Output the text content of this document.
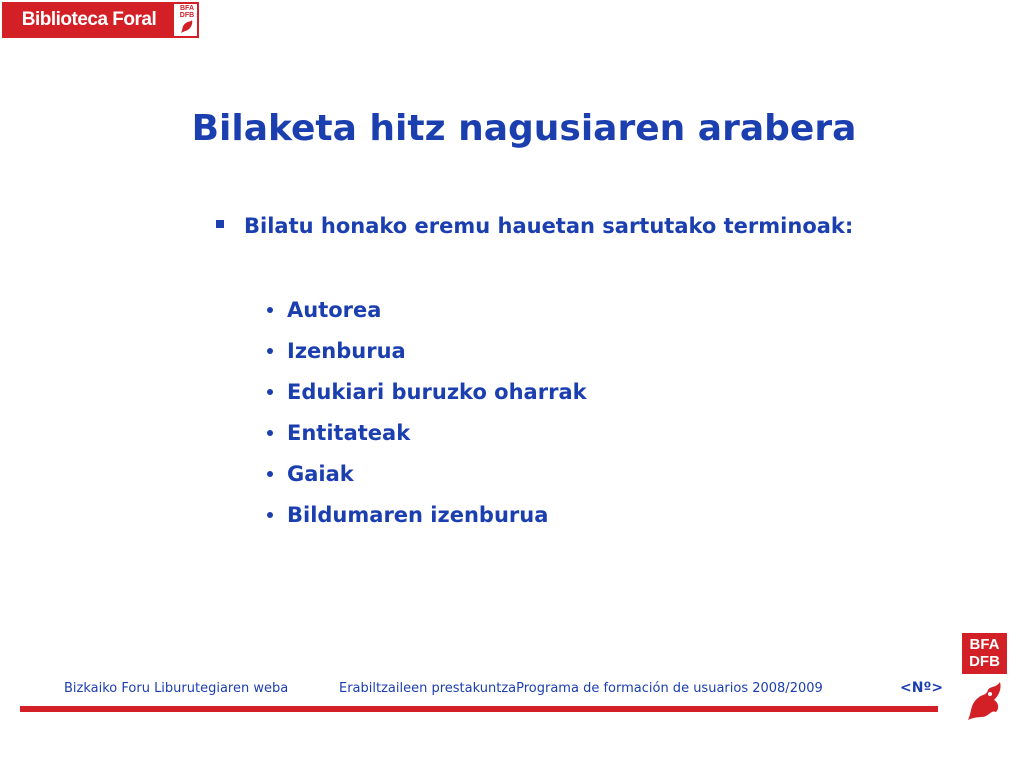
Biblioteca Foral
BFA
DFB
Bilaketa hitz nagusiaren arabera
Bilatu honako eremu hauetan sartutako terminoak:
Autorea
Izenburua
Edukiari buruzko oharrak
Entitateak
Gaiak
Bildumaren izenburua
Bizkaiko Foru Liburutegiaren weba	Erabiltzaileen prestakuntzaPrograma de formación de usuarios 2008/2009	<Nº>
BFA
DFB
